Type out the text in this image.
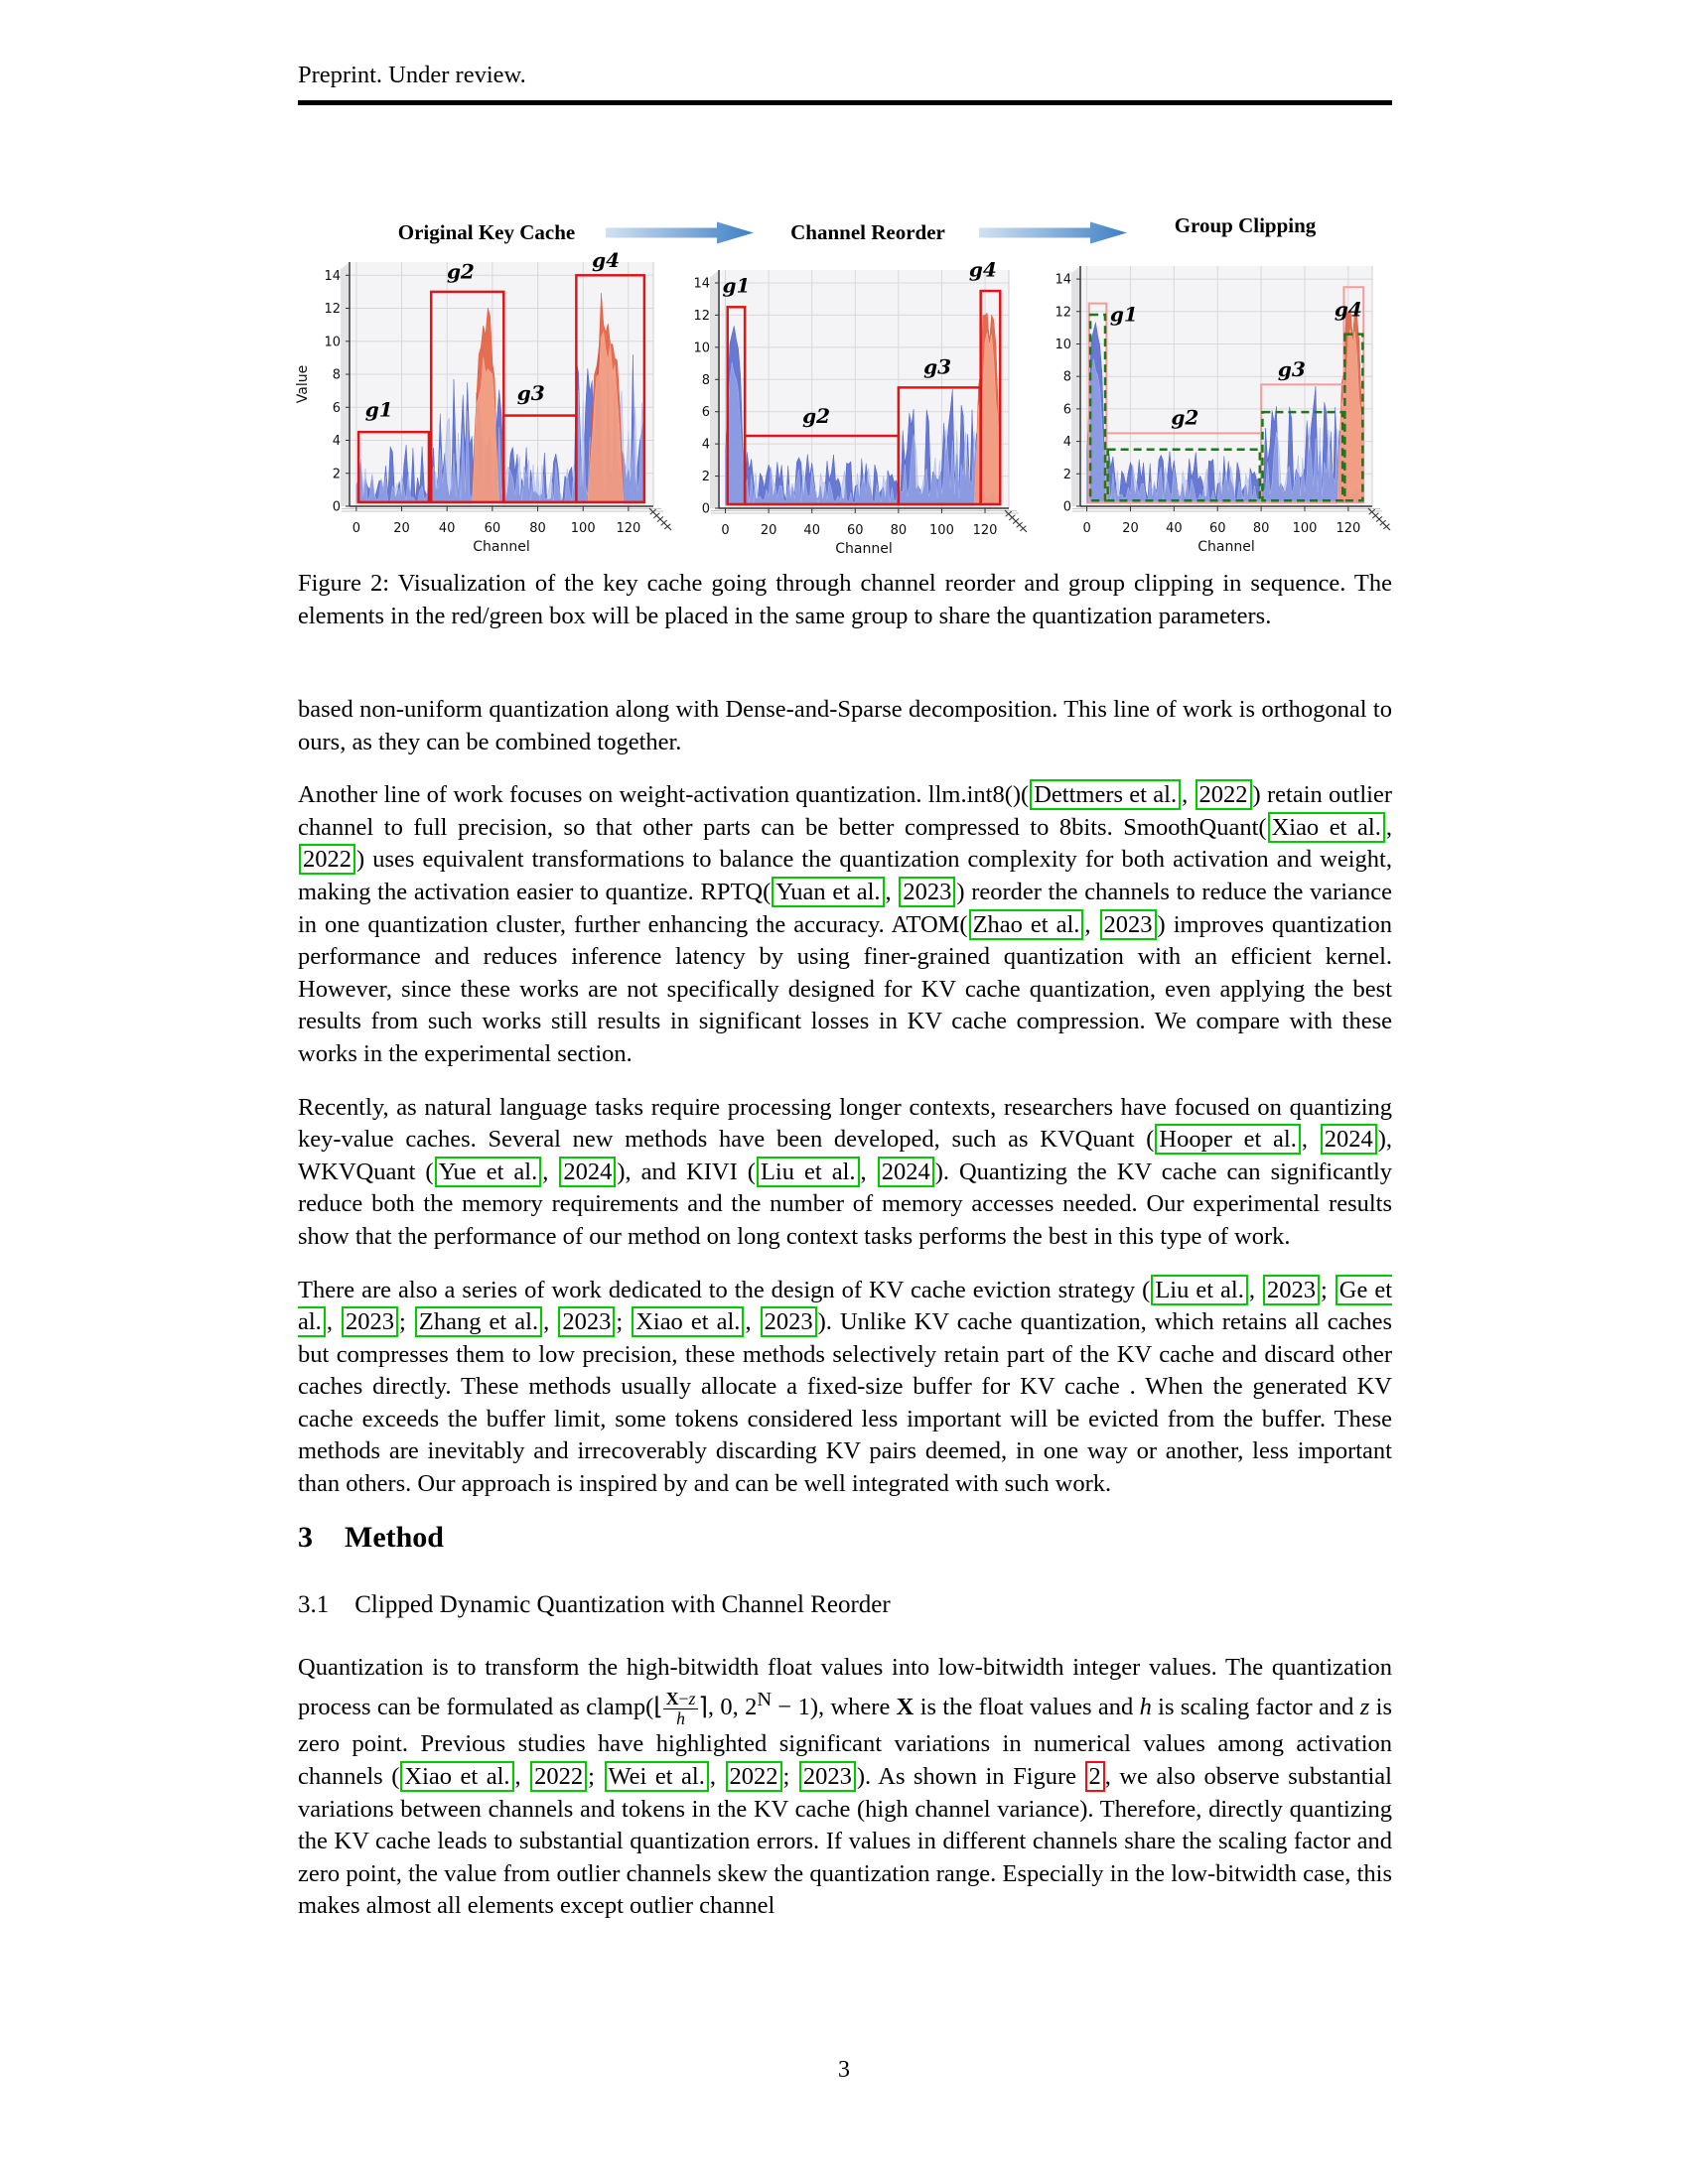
Preprint. Under review.
Original Key Cache	Channel Reorder	Group Clipping
g1
g2
g3
g4
0
2
4
6
8
10
12
14
0	20 40 60 80 100 120
Channel
Value
g1
g2
g3
g4
0
2
4
6
8
10
12
14
0 20 40 60 80 100 120
Channel
g1
g2
g3
g4
0
2
4
6
8
10
12
14
0 20 40 60 80 100 120
Channel
Figure 2: Visualization of the key cache going through channel reorder and group clipping in sequence. The elements in the red/green box will be placed in the same group to share the quantization parameters.

based non-uniform quantization along with Dense-and-Sparse decomposition. This line of work is orthogonal to ours, as they can be combined together.

Another line of work focuses on weight-activation quantization. llm.int8()( Dettmers et al. , 2022 ) retain outlier channel to full precision, so that other parts can be better compressed to 8bits. SmoothQuant( Xiao et al. , 2022 ) uses equivalent transformations to balance the quantization complexity for both activation and weight, making the activation easier to quantize. RPTQ( Yuan et al. , 2023 ) reorder the channels to reduce the variance in one quantization cluster, further enhancing the accuracy. ATOM( Zhao et al. , 2023 ) improves quantization performance and reduces inference latency by using finer-grained quantization with an efficient kernel. However, since these works are not specifically designed for KV cache quantization, even applying the best results from such works still results in significant losses in KV cache compression. We compare with these works in the experimental section.

Recently, as natural language tasks require processing longer contexts, researchers have focused on quantizing key-value caches. Several new methods have been developed, such as KVQuant ( Hooper et al. , 2024 ), WKVQuant ( Yue et al. , 2024 ), and KIVI ( Liu et al. , 2024 ). Quantizing the KV cache can significantly reduce both the memory requirements and the number of memory accesses needed. Our experimental results show that the performance of our method on long context tasks performs the best in this type of work.

There are also a series of work dedicated to the design of KV cache eviction strategy ( Liu et al. , 2023 ; Ge et al. , 2023 ; Zhang et al. , 2023 ; Xiao et al. , 2023 ). Unlike KV cache quantization, which retains all caches but compresses them to low precision, these methods selectively retain part of the KV cache and discard other caches directly. These methods usually allocate a fixed-size buffer for KV cache . When the generated KV cache exceeds the buffer limit, some tokens considered less important will be evicted from the buffer. These methods are inevitably and irrecoverably discarding KV pairs deemed, in one way or another, less important than others. Our approach is inspired by and can be well integrated with such work.

3 Method
3.1 Clipped Dynamic Quantization with Channel Reorder

Quantization is to transform the high-bitwidth float values into low-bitwidth integer values. The quantization process can be formulated as clamp(⌊ $\frac{X-z}{h}$ ⌉, 0, $2^N - 1$), where X is the float values and h is scaling factor and z is zero point. Previous studies have highlighted significant variations in numerical values among activation channels ( Xiao et al. , 2022 ; Wei et al. , 2022 ; 2023 ). As shown in Figure 2 , we also observe substantial variations between channels and tokens in the KV cache (high channel variance). Therefore, directly quantizing the KV cache leads to substantial quantization errors. If values in different channels share the scaling factor and zero point, the value from outlier channels skew the quantization range. Especially in the low-bitwidth case, this makes almost all elements except outlier channel

3
